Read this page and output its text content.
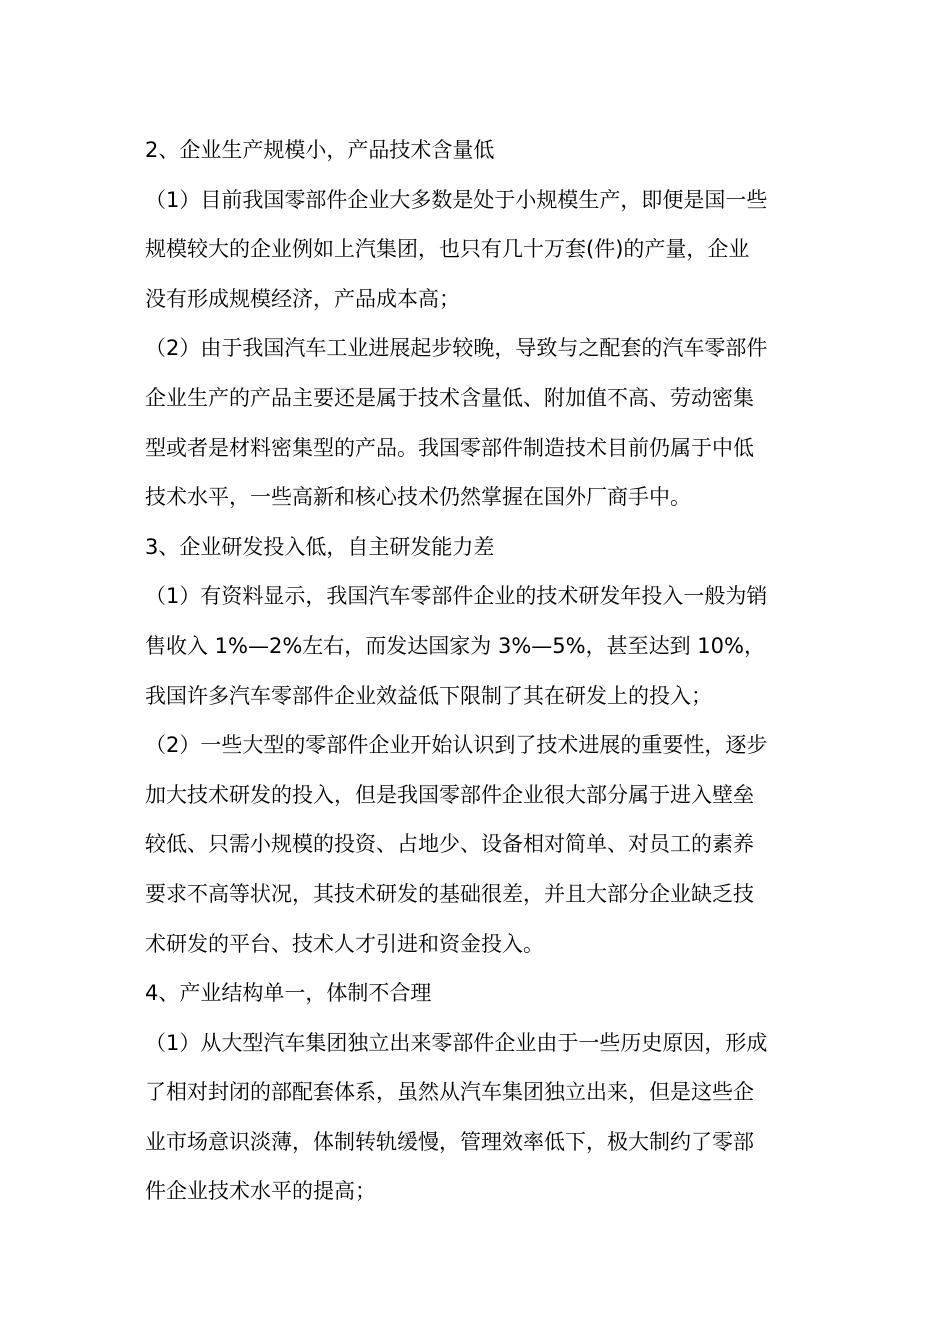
2、企业生产规模小，产品技术含量低
（1）目前我国零部件企业大多数是处于小规模生产，即便是国一些
规模较大的企业例如上汽集团，也只有几十万套(件)的产量，企业
没有形成规模经济，产品成本高；
（2）由于我国汽车工业进展起步较晚，导致与之配套的汽车零部件
企业生产的产品主要还是属于技术含量低、附加值不高、劳动密集
型或者是材料密集型的产品。我国零部件制造技术目前仍属于中低
技术水平，一些高新和核心技术仍然掌握在国外厂商手中。
3、企业研发投入低，自主研发能力差
（1）有资料显示，我国汽车零部件企业的技术研发年投入一般为销
售收入 1%—2%左右，而发达国家为 3%—5%，甚至达到 10%，
我国许多汽车零部件企业效益低下限制了其在研发上的投入；
（2）一些大型的零部件企业开始认识到了技术进展的重要性，逐步
加大技术研发的投入，但是我国零部件企业很大部分属于进入壁垒
较低、只需小规模的投资、占地少、设备相对简单、对员工的素养
要求不高等状况，其技术研发的基础很差，并且大部分企业缺乏技
术研发的平台、技术人才引进和资金投入。
4、产业结构单一，体制不合理
（1）从大型汽车集团独立出来零部件企业由于一些历史原因，形成
了相对封闭的部配套体系，虽然从汽车集团独立出来，但是这些企
业市场意识淡薄，体制转轨缓慢，管理效率低下，极大制约了零部
件企业技术水平的提高；
